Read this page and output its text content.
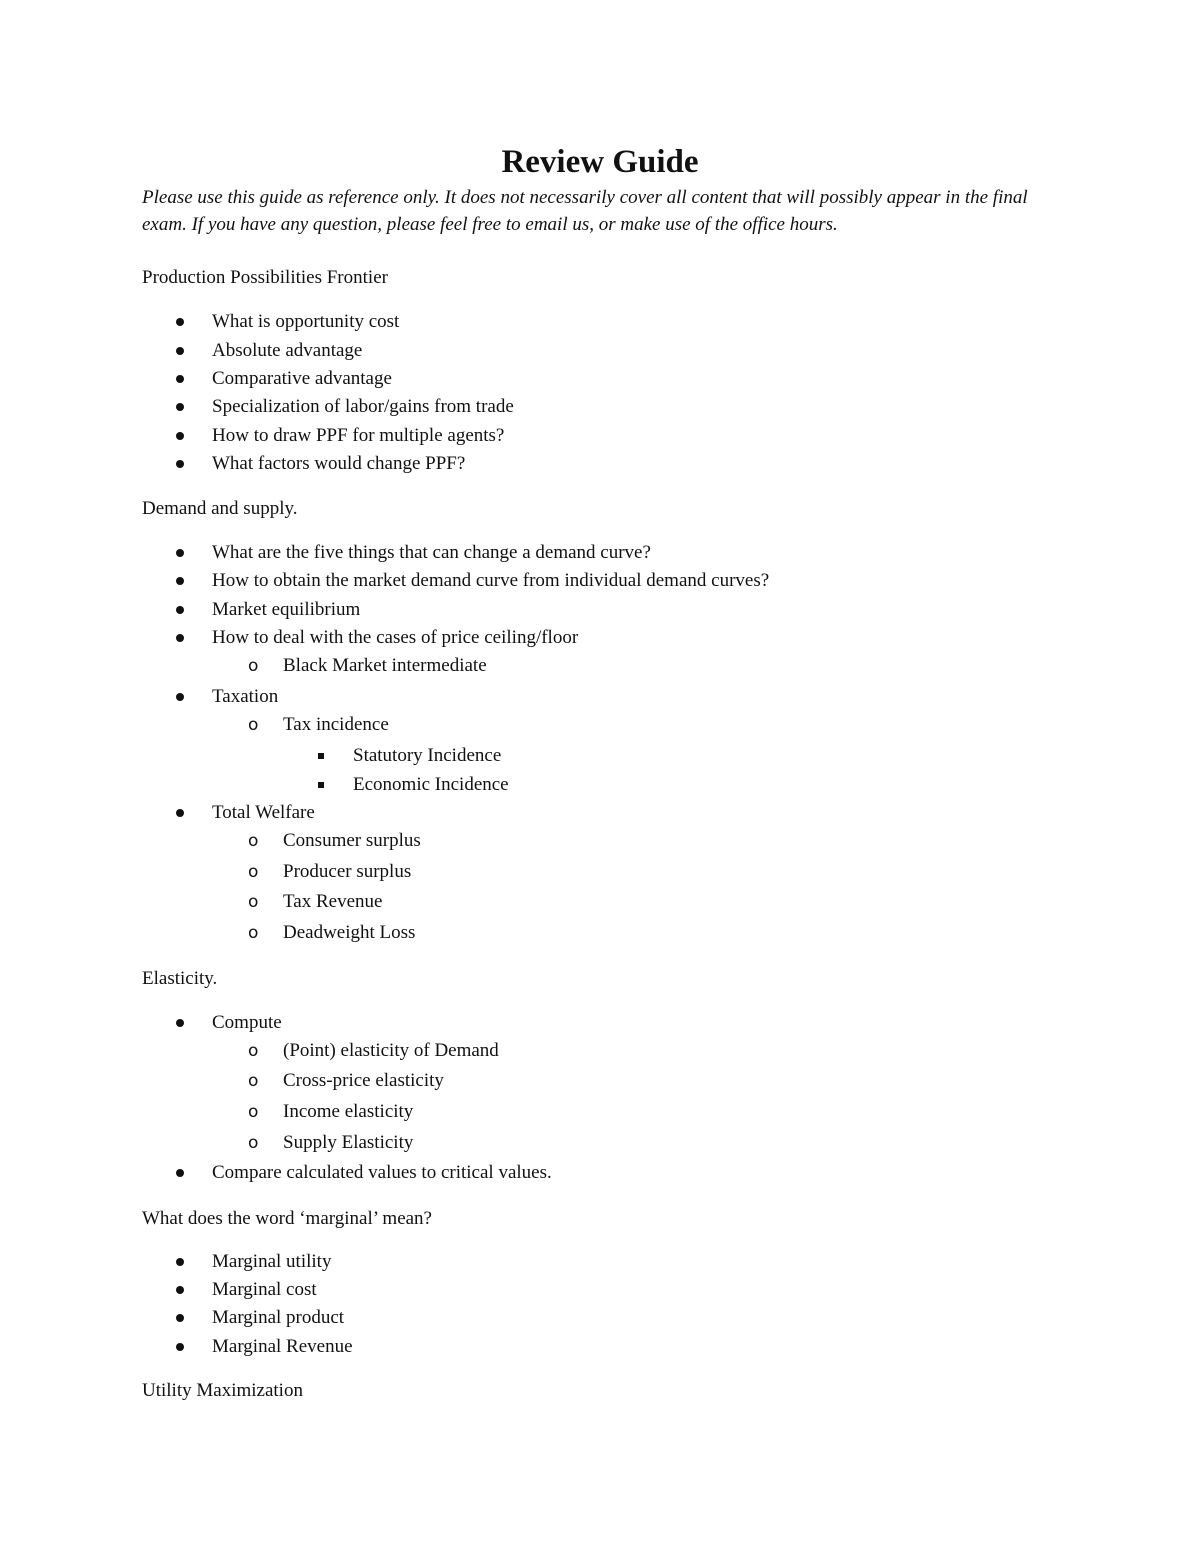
Review Guide

Please use this guide as reference only. It does not necessarily cover all content that will possibly appear in the final exam. If you have any question, please feel free to email us, or make use of the office hours.

Production Possibilities Frontier

What is opportunity cost

Absolute advantage

Comparative advantage

Specialization of labor/gains from trade

How to draw PPF for multiple agents?

What factors would change PPF?

Demand and supply.

What are the five things that can change a demand curve?

How to obtain the market demand curve from individual demand curves?

Market equilibrium

How to deal with the cases of price ceiling/floor

o Black Market intermediate

Taxation

o Tax incidence

Statutory Incidence

Economic Incidence

Total Welfare

o Consumer surplus

o Producer surplus

o Tax Revenue

o Deadweight Loss

Elasticity.

Compute

o (Point) elasticity of Demand

o Cross-price elasticity

o Income elasticity

o Supply Elasticity

Compare calculated values to critical values.

What does the word ‘marginal’ mean?

Marginal utility

Marginal cost

Marginal product

Marginal Revenue

Utility Maximization
